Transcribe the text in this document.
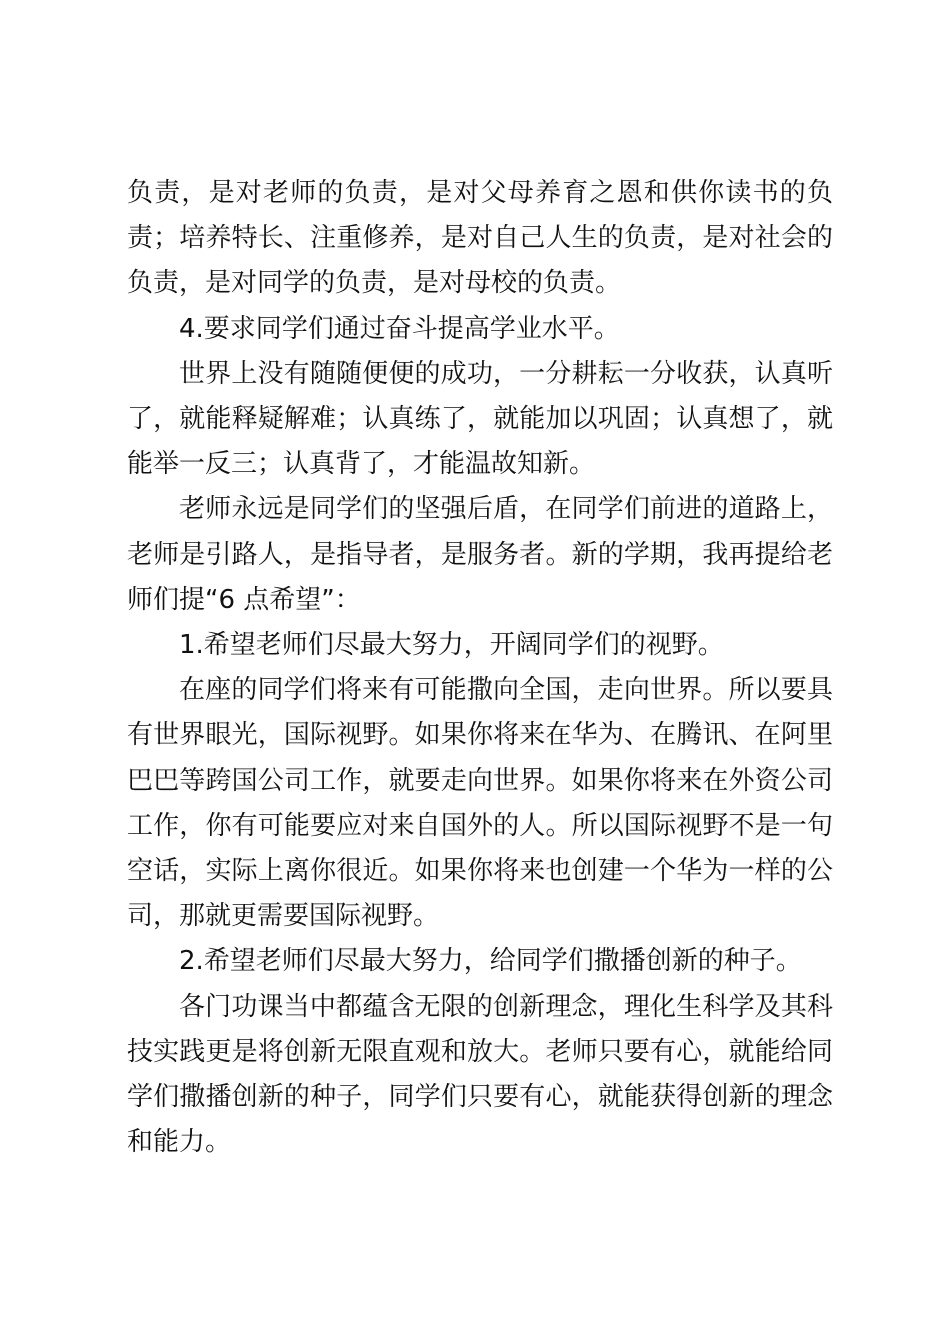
负责，是对老师的负责，是对父母养育之恩和供你读书的负责；培养特长、注重修养，是对自己人生的负责，是对社会的负责，是对同学的负责，是对母校的负责。

4.要求同学们通过奋斗提高学业水平。

世界上没有随随便便的成功，一分耕耘一分收获，认真听了，就能释疑解难；认真练了，就能加以巩固；认真想了，就能举一反三；认真背了，才能温故知新。

老师永远是同学们的坚强后盾，在同学们前进的道路上，老师是引路人，是指导者，是服务者。新的学期，我再提给老师们提“6 点希望”：

1.希望老师们尽最大努力，开阔同学们的视野。

在座的同学们将来有可能撒向全国，走向世界。所以要具有世界眼光，国际视野。如果你将来在华为、在腾讯、在阿里巴巴等跨国公司工作，就要走向世界。如果你将来在外资公司工作，你有可能要应对来自国外的人。所以国际视野不是一句空话，实际上离你很近。如果你将来也创建一个华为一样的公司，那就更需要国际视野。

2.希望老师们尽最大努力，给同学们撒播创新的种子。

各门功课当中都蕴含无限的创新理念，理化生科学及其科技实践更是将创新无限直观和放大。老师只要有心，就能给同学们撒播创新的种子，同学们只要有心，就能获得创新的理念和能力。
